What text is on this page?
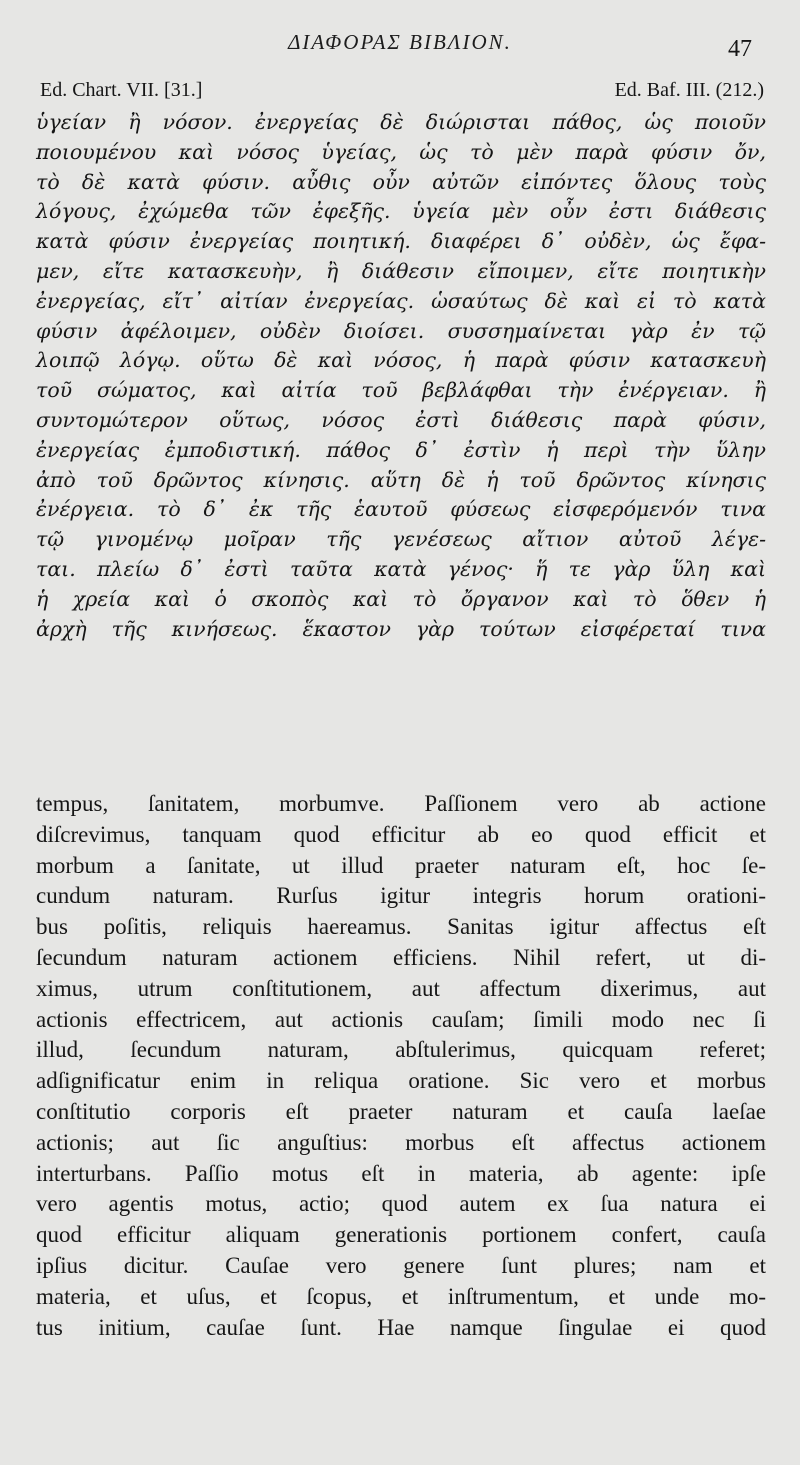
ΔΙΑΦΟΡΑΣ ΒΙΒΛΙΟΝ.	47
Ed. Chart. VII. [31.]	Ed. Baf. III. (212.)
ὑγείαν ἢ νόσον. ἐνεργείας δὲ διώρισται πάθος, ὡς ποιοῦν
ποιουμένου καὶ νόσος ὑγείας, ὡς τὸ μὲν παρὰ φύσιν ὄν,
τὸ δὲ κατὰ φύσιν. αὖθις οὖν αὐτῶν εἰπόντες ὅλους τοὺς
λόγους, ἐχώμεθα τῶν ἐφεξῆς. ὑγεία μὲν οὖν ἐστι διάθεσις
κατὰ φύσιν ἐνεργείας ποιητική. διαφέρει δ᾽ οὐδὲν, ὡς ἔφα-
μεν, εἴτε κατασκευὴν, ἢ διάθεσιν εἴποιμεν, εἴτε ποιητικὴν
ἐνεργείας, εἴτ᾽ αἰτίαν ἐνεργείας. ὡσαύτως δὲ καὶ εἰ τὸ κατὰ
φύσιν ἀφέλοιμεν, οὐδὲν διοίσει. συσσημαίνεται γὰρ ἐν τῷ
λοιπῷ λόγῳ. οὕτω δὲ καὶ νόσος, ἡ παρὰ φύσιν κατασκευὴ
τοῦ σώματος, καὶ αἰτία τοῦ βεβλάφθαι τὴν ἐνέργειαν. ἢ
συντομώτερον οὕτως, νόσος ἐστὶ διάθεσις παρὰ φύσιν,
ἐνεργείας ἐμποδιστική. πάθος δ᾽ ἐστὶν ἡ περὶ τὴν ὕλην
ἀπὸ τοῦ δρῶντος κίνησις. αὕτη δὲ ἡ τοῦ δρῶντος κίνησις
ἐνέργεια. τὸ δ᾽ ἐκ τῆς ἑαυτοῦ φύσεως εἰσφερόμενόν τινα
τῷ γινομένῳ μοῖραν τῆς γενέσεως αἴτιον αὐτοῦ λέγε-
ται. πλείω δ᾽ ἐστὶ ταῦτα κατὰ γένος· ἥ τε γὰρ ὕλη καὶ
ἡ χρεία καὶ ὁ σκοπὸς καὶ τὸ ὄργανον καὶ τὸ ὅθεν ἡ
ἀρχὴ τῆς κινήσεως. ἕκαστον γὰρ τούτων εἰσφέρεταί τινα
tempus, ſanitatem, morbumve. Paſſionem vero ab actione
diſcrevimus, tanquam quod efficitur ab eo quod efficit et
morbum a ſanitate, ut illud praeter naturam eſt, hoc ſe-
cundum naturam. Rurſus igitur integris horum orationi-
bus poſitis, reliquis haereamus. Sanitas igitur affectus eſt
ſecundum naturam actionem efficiens. Nihil refert, ut di-
ximus, utrum conſtitutionem, aut affectum dixerimus, aut
actionis effectricem, aut actionis cauſam; ſimili modo nec ſi
illud, ſecundum naturam, abſtulerimus, quicquam referet;
adſignificatur enim in reliqua oratione. Sic vero et morbus
conſtitutio corporis eſt praeter naturam et cauſa laeſae
actionis; aut ſic anguſtius: morbus eſt affectus actionem
interturbans. Paſſio motus eſt in materia, ab agente: ipſe
vero agentis motus, actio; quod autem ex ſua natura ei
quod efficitur aliquam generationis portionem confert, cauſa
ipſius dicitur. Cauſae vero genere ſunt plures; nam et
materia, et uſus, et ſcopus, et inſtrumentum, et unde mo-
tus initium, cauſae ſunt. Hae namque ſingulae ei quod
